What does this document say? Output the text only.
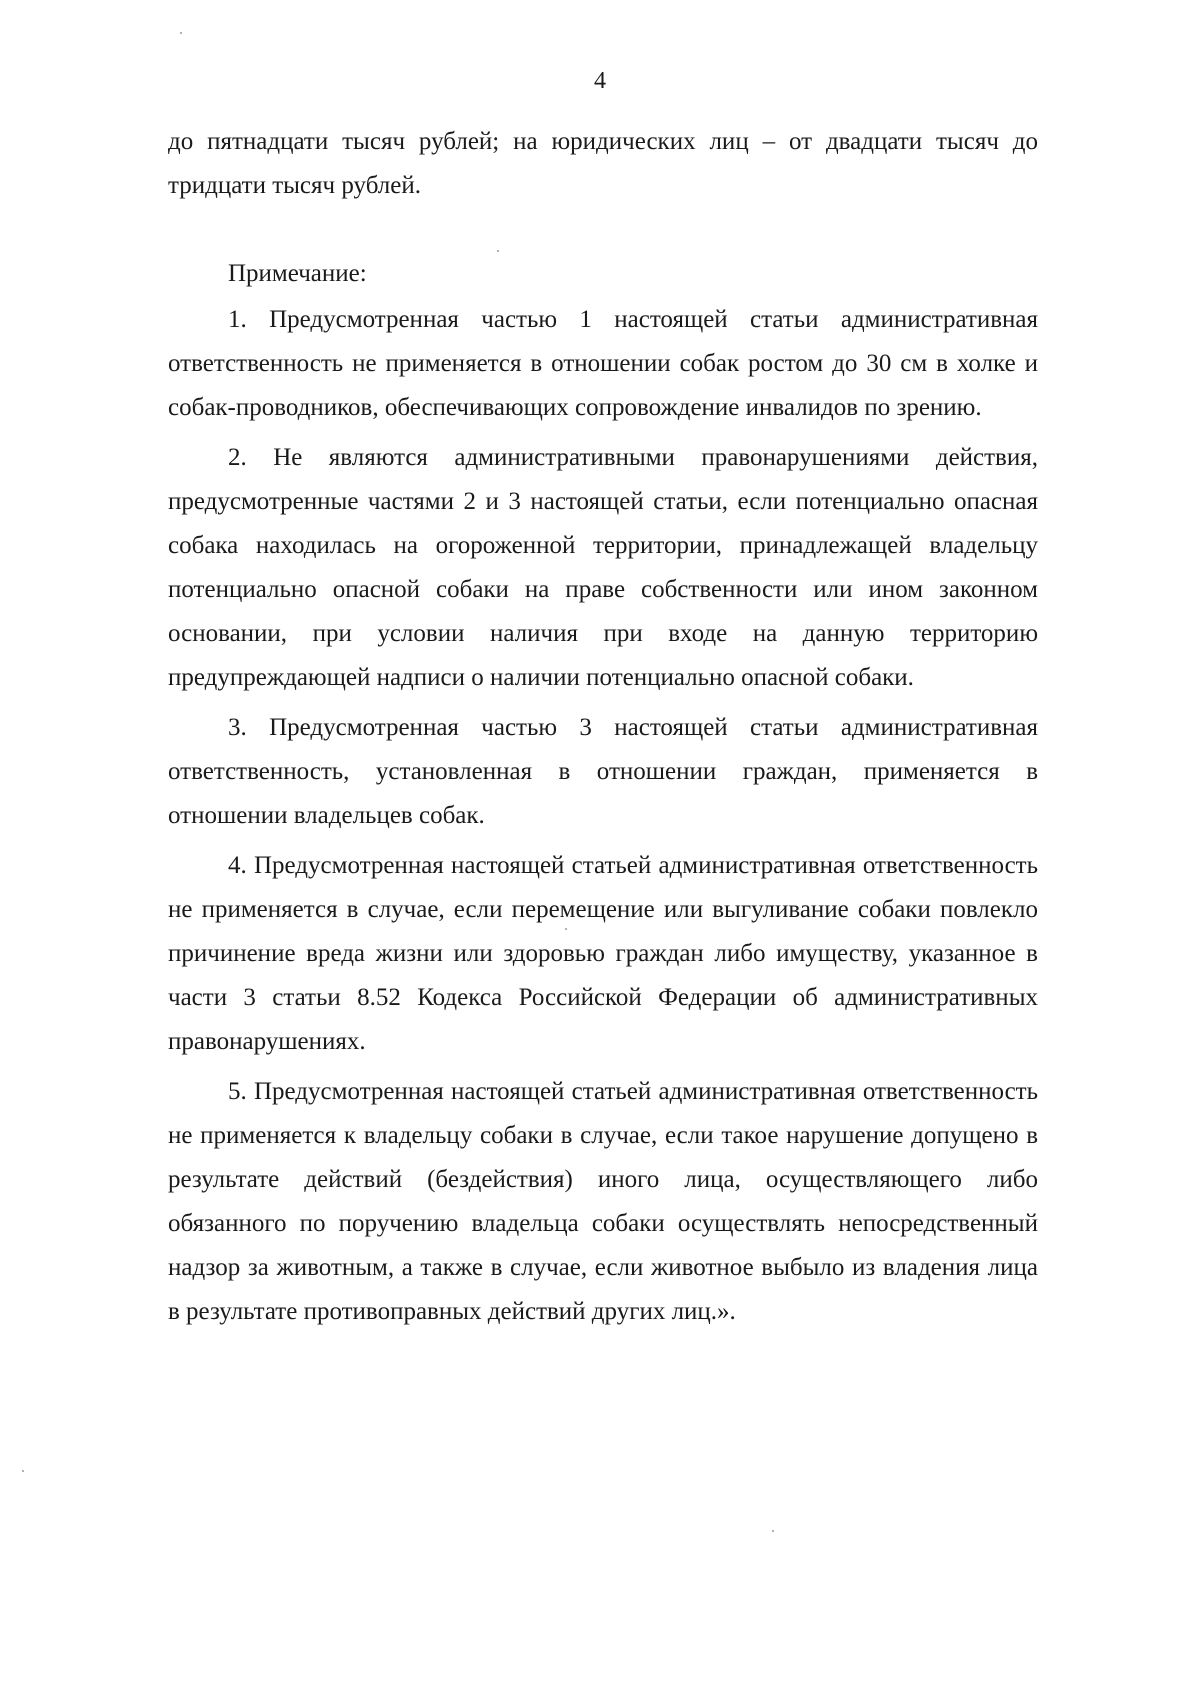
4

до пятнадцати тысяч рублей; на юридических лиц – от двадцати тысяч до тридцати тысяч рублей.

Примечание:

1. Предусмотренная частью 1 настоящей статьи административная ответственность не применяется в отношении собак ростом до 30 см в холке и собак-проводников, обеспечивающих сопровождение инвалидов по зрению.

2. Не являются административными правонарушениями действия, предусмотренные частями 2 и 3 настоящей статьи, если потенциально опасная собака находилась на огороженной территории, принадлежащей владельцу потенциально опасной собаки на праве собственности или ином законном основании, при условии наличия при входе на данную территорию предупреждающей надписи о наличии потенциально опасной собаки.

3. Предусмотренная частью 3 настоящей статьи административная ответственность, установленная в отношении граждан, применяется в отношении владельцев собак.

4. Предусмотренная настоящей статьей административная ответственность не применяется в случае, если перемещение или выгуливание собаки повлекло причинение вреда жизни или здоровью граждан либо имуществу, указанное в части 3 статьи 8.52 Кодекса Российской Федерации об административных правонарушениях.

5. Предусмотренная настоящей статьей административная ответственность не применяется к владельцу собаки в случае, если такое нарушение допущено в результате действий (бездействия) иного лица, осуществляющего либо обязанного по поручению владельца собаки осуществлять непосредственный надзор за животным, а также в случае, если животное выбыло из владения лица в результате противоправных действий других лиц.».
